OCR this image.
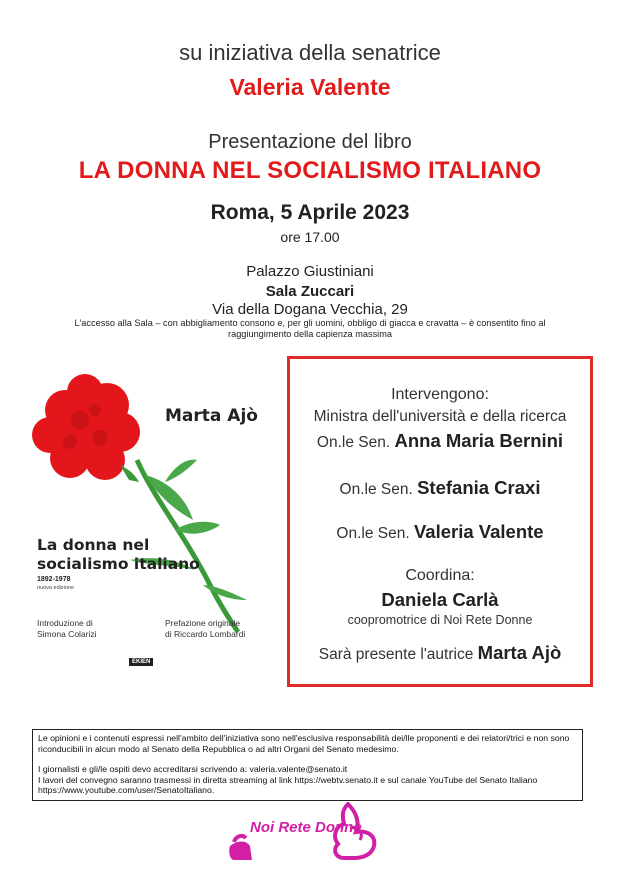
su iniziativa della senatrice
Valeria Valente
Presentazione del libro
LA DONNA NEL SOCIALISMO ITALIANO
Roma, 5 Aprile 2023
ore 17.00
Palazzo Giustiniani
Sala Zuccari
Via della Dogana Vecchia, 29
L'accesso alla Sala – con abbigliamento consono e, per gli uomini, obbligo di giacca e cravatta – è consentito fino al raggiungimento della capienza massima
Marta Ajò
La donna nel
socialismo italiano
1892-1978
nuova edizione
Introduzione di
Simona Colarizi
Prefazione originale
di Riccardo Lombardi
EKIEN
Intervengono:
Ministra dell'università e della ricerca
On.le Sen. Anna Maria Bernini
On.le Sen. Stefania Craxi
On.le Sen. Valeria Valente
Coordina:
Daniela Carlà
coopromotrice di Noi Rete Donne
Sarà presente l'autrice Marta Ajò

Le opinioni e i contenuti espressi nell'ambito dell'iniziativa sono nell'esclusiva responsabilità dei/lle proponenti e dei relatori/trici e non sono riconducibili in alcun modo al Senato della Repubblica o ad altri Organi del Senato medesimo.

I giornalisti e gli/le ospiti devo accreditarsi scrivendo a: valeria.valente@senato.it

I lavori del convegno saranno trasmessi in diretta streaming al link https://webtv.senato.it e sul canale YouTube del Senato Italiano https://www.youtube.com/user/SenatoItaliano.

Noi Rete Donne
